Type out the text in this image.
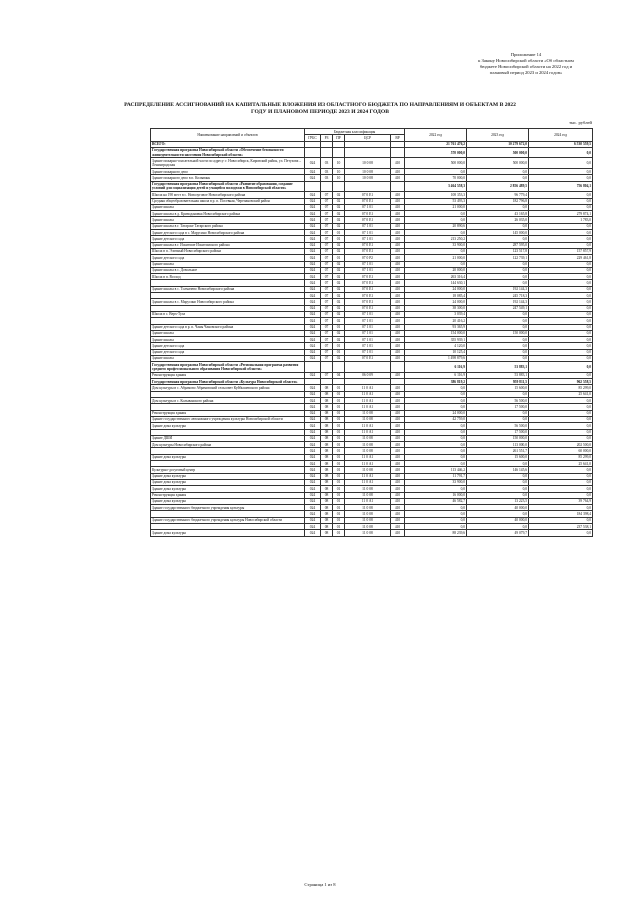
Приложение 14
к Закону Новосибирской области «Об областном
бюджете Новосибирской области на 2022 год и
плановый период 2023 и 2024 годов»
РАСПРЕДЕЛЕНИЕ АССИГНОВАНИЙ НА КАПИТАЛЬНЫЕ ВЛОЖЕНИЯ ИЗ ОБЛАСТНОГО БЮДЖЕТА ПО НАПРАВЛЕНИЯМ И ОБЪЕКТАМ В 2022 ГОДУ И ПЛАНОВОМ ПЕРИОДЕ 2023 И 2024 ГОДОВ
тыс. рублей
Наименование направлений и объектов	Бюджетная классификация					2022 год	2023 год	2024 год
	ГРБС	РЗ	ПР	ЦСР	ВР			
ВСЕГО:						21 761 476,2	10 279 672,0	6 530 559,5
Государственная программа Новосибирской области «Обеспечение безопасности жизнедеятельности населения Новосибирской области»						570 000,0	500 000,0	0,0
Здание пожарно-спасательной части по адресу: г. Новосибирск, Кировский район, ул. Петухова – Ленинградская	024	03	10	10 0 08	410	500 000,0	500 000,0	0,0
Здание пожарного депо	024	03	10	10 0 08	410	0,0	0,0	0,0
Здание пожарного депо в п. Колывань	024	03	10	10 0 08	410	70 000,0	0,0	0,0
Государственная программа Новосибирской области «Развитие образования, создание условий для социализации детей и учащейся молодежи в Новосибирской области»						3 464 558,3	2 856 489,5	756 804,1
Школа на 190 мест в с. Новолуговое Новосибирского района	024	07	02	07 0 Е1	410	108 353,3	96 779,4	0,0
Средняя общеобразовательная школа в р. п. Посевная, Черепановский район	024	07	02	07 0 Е1	410	53 493,3	182 796,8	0,0
Здание школы	024	07	02	07 1 01	410	21 000,0	0,0	0,0
Здание школы в д. Криводановка Новосибирского района	024	07	02	07 0 Е1	410	0,0	43 165,8	279 874,1
Здание школы	024	07	02	07 0 Е1	410	0,0	26 035,0	1 783,0
Здание школы в г. Татарске Татарского района	024	07	02	07 1 01	410	20 890,6	0,0	0,0
Здание детского сада в с. Марусино Новосибирского района	024	07	01	07 1 01	410	0,0	145 000,0	0,0
Здание детского сада	024	07	01	07 1 01	410	213 250,2	0,0	0,0
Здание школы в г. Искитиме Искитимского района	024	07	02	07 0 Е1	410	33 900,0	287 595,0	0,0
Школа в п. Элитный Новосибирского района	024	07	02	07 0 Е1	410	0,0	123 517,8	157 857,9
Здание детского сада	024	07	01	07 0 Р2	410	21 000,0	122 739,1	229 461,8
Здание школы	024	07	02	07 1 01	410	0,0	0,0	0,0
Здание школы в с. Довольное	024	07	02	07 1 01	410	20 000,0	0,0	0,0
Школа в п. Восход	024	07	02	07 0 Е1	410	263 316,4	0,0	0,0
	024	07	02	07 0 Е1	410	144 630,1	0,0	0,0
Здание школы в с. Толмачево Новосибирского района	024	07	02	07 0 Е1	410	24 000,0	192 144,3	0,0
	024	07	02	07 0 Е1	410	18 085,4	245 718,3	0,0
Здание школы в с. Марусино Новосибирского района	024	07	02	07 0 Е1	410	24 000,0	192 144,3	0,0
	024	07	02	07 0 Е1	410	38 300,0	247 549,1	0,0
Школа в с. Верх-Тула	024	07	02	07 1 01	410	3 039,4	0,0	0,0
	024	07	02	07 1 01	410	20 416,2	0,0	0,0
Здание детского сада в р. п. Чаны Чановского района	024	07	01	07 1 01	410	93 365,9	0,0	0,0
Здание школы	024	07	02	07 1 01	410	154 000,0	150 000,0	0,0
Здание школы	024	07	02	07 1 01	410	355 939,1	0,0	0,0
Здание детского сада	024	07	01	07 1 01	410	4 120,0	0,0	0,0
Здание детского сада	024	07	01	07 1 01	410	10 125,4	0,0	0,0
Здание школы	024	07	02	07 0 Е1	410	1 498 879,6	0,0	0,0
Государственная программа Новосибирской области «Региональная программа развития среднего профессионального образования Новосибирской области»						6 116,9	53 883,1	0,0
Реконструкция здания	024	07	04	06 0 09	410	6 116,9	53 883,1	0,0
Государственная программа Новосибирской области «Культура Новосибирской области»						386 819,2	959 811,5	962 558,5
Дом культуры в с. Абрамово Абрамовский сельсовет Куйбышевского района	024	08	01	11 0 А1	410	0,0	15 600,0	85 299,0
	024	08	01	11 0 А1	410	0,0	0,0	25 641,0
Дом культуры в с. Колыванского района	024	08	01	11 0 А1	410	0,0	56 500,0	0,0
	024	08	01	11 0 А1	410	0,0	17 500,0	0,0
Реконструкция здания	024	08	01	11 0 08	410	24 000,0	0,0	0,0
Здание государственного автономного учреждения культуры Новосибирской области	024	08	01	11 0 08	410	42 759,0	0,0	0,0
Здание дома культуры	024	08	01	11 0 А1	410	0,0	56 500,0	0,0
	024	08	01	11 0 А1	410	0,0	17 500,0	0,0
Здание ДШИ	024	08	01	11 0 08	410	0,0	150 000,0	0,0
Дом культуры Новосибирского района	024	08	01	11 0 08	410	0,0	113 000,0	202 500,0
	024	08	01	11 0 08	410	0,0	261 551,7	60 000,0
Здание дома культуры	024	08	01	11 0 А1	410	0,0	15 600,0	85 299,0
	024	08	01	11 0 А1	410	0,0	0,0	25 641,0
Культурно-досуговый центр	024	08	01	11 0 08	410	113 446,2	146 145,6	0,0
Здание дома культуры	024	08	01	11 0 А1	410	11 791,7	0,0	0,0
Здание дома культуры	024	08	01	11 0 А1	410	33 900,0	0,0	0,0
Здание дома культуры	024	08	01	11 0 08	410	0,0	0,0	0,0
Реконструкция здания	024	08	01	11 0 08	410	16 000,0	0,0	0,0
Здание дома культуры	024	08	01	11 0 А1	410	46 582,7	13 223,5	39 764,9
Здание государственного бюджетного учреждения культуры	024	08	01	11 0 08	410	0,0	40 000,0	0,0
	024	08	01	11 0 08	410	0,0	0,0	184 398,4
Здание государственного бюджетного учреждения культуры Новосибирской области	024	08	01	11 0 08	410	0,0	40 000,0	0,0
	024	08	01	11 0 08	410	0,0	0,0	237 538,1
Здание дома культуры	024	08	01	11 0 08	410	88 239,6	49 079,7	0,0
Страница 1 из 8
